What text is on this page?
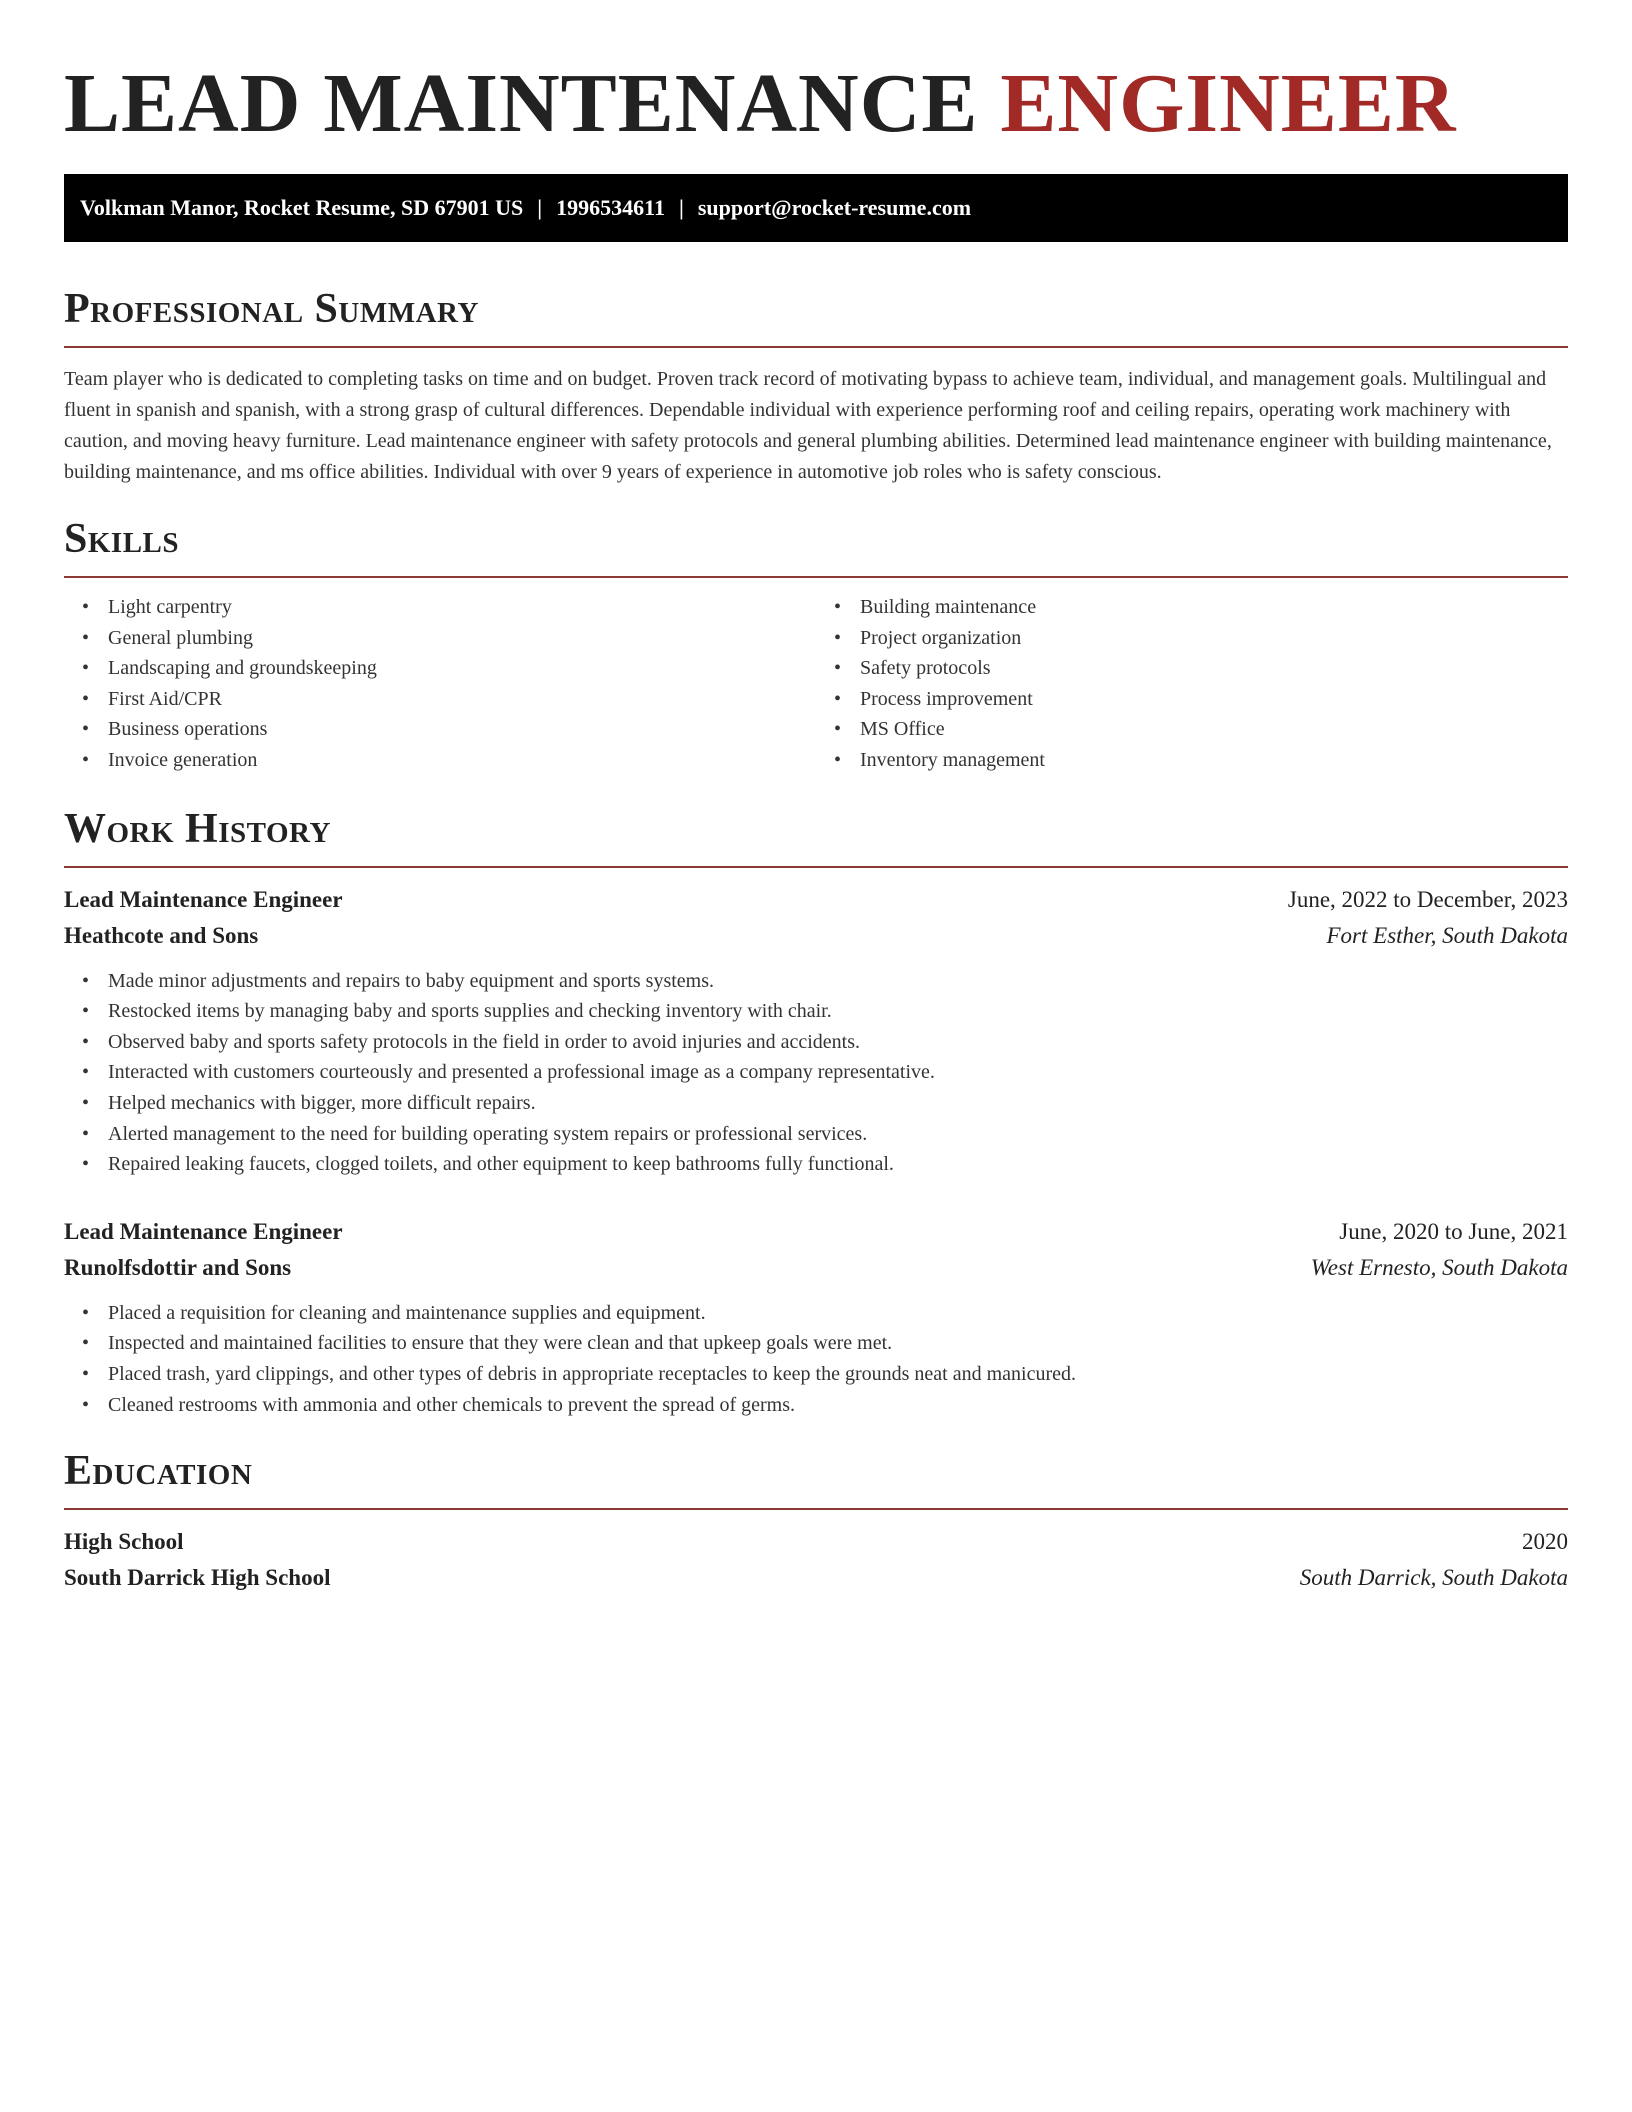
LEAD MAINTENANCE ENGINEER
Volkman Manor, Rocket Resume, SD 67901 US | 1996534611 | support@rocket-resume.com
Professional Summary

Team player who is dedicated to completing tasks on time and on budget. Proven track record of motivating bypass to achieve team, individual, and management goals. Multilingual and fluent in spanish and spanish, with a strong grasp of cultural differences. Dependable individual with experience performing roof and ceiling repairs, operating work machinery with caution, and moving heavy furniture. Lead maintenance engineer with safety protocols and general plumbing abilities. Determined lead maintenance engineer with building maintenance, building maintenance, and ms office abilities. Individual with over 9 years of experience in automotive job roles who is safety conscious.

Skills
• Light carpentry
• General plumbing
• Landscaping and groundskeeping
• First Aid/CPR
• Business operations
• Invoice generation
• Building maintenance
• Project organization
• Safety protocols
• Process improvement
• MS Office
• Inventory management
Work History
Lead Maintenance Engineer	June, 2022 to December, 2023
Heathcote and Sons	Fort Esther, South Dakota
• Made minor adjustments and repairs to baby equipment and sports systems.
• Restocked items by managing baby and sports supplies and checking inventory with chair.
• Observed baby and sports safety protocols in the field in order to avoid injuries and accidents.
• Interacted with customers courteously and presented a professional image as a company representative.
• Helped mechanics with bigger, more difficult repairs.
• Alerted management to the need for building operating system repairs or professional services.
• Repaired leaking faucets, clogged toilets, and other equipment to keep bathrooms fully functional.
Lead Maintenance Engineer	June, 2020 to June, 2021
Runolfsdottir and Sons	West Ernesto, South Dakota
• Placed a requisition for cleaning and maintenance supplies and equipment.
• Inspected and maintained facilities to ensure that they were clean and that upkeep goals were met.
• Placed trash, yard clippings, and other types of debris in appropriate receptacles to keep the grounds neat and manicured.
• Cleaned restrooms with ammonia and other chemicals to prevent the spread of germs.
Education
High School	2020
South Darrick High School	South Darrick, South Dakota
